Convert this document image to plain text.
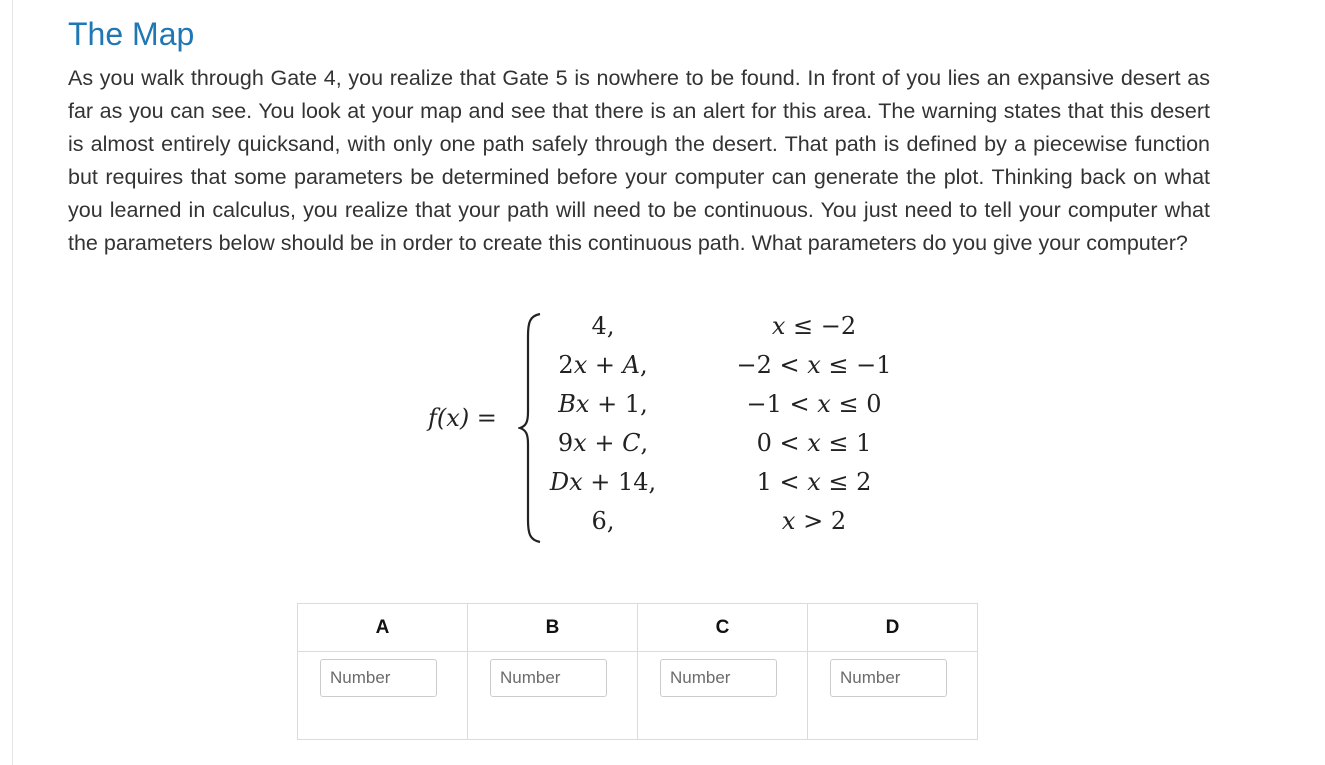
The Map

As you walk through Gate 4, you realize that Gate 5 is nowhere to be found. In front of you lies an expansive desert as far as you can see. You look at your map and see that there is an alert for this area. The warning states that this desert is almost entirely quicksand, with only one path safely through the desert. That path is defined by a piecewise function but requires that some parameters be determined before your computer can generate the plot. Thinking back on what you learned in calculus, you realize that your path will need to be continuous. You just need to tell your computer what the parameters below should be in order to create this continuous path. What parameters do you give your computer?

f(x) =
4,	x ≤ −2
2x + A,	−2 < x ≤ −1
Bx + 1,	−1 < x ≤ 0
9x + C,	0 < x ≤ 1
Dx + 14,	1 < x ≤ 2
6,	x > 2
A	B	C	D
Number	Number	Number	Number
